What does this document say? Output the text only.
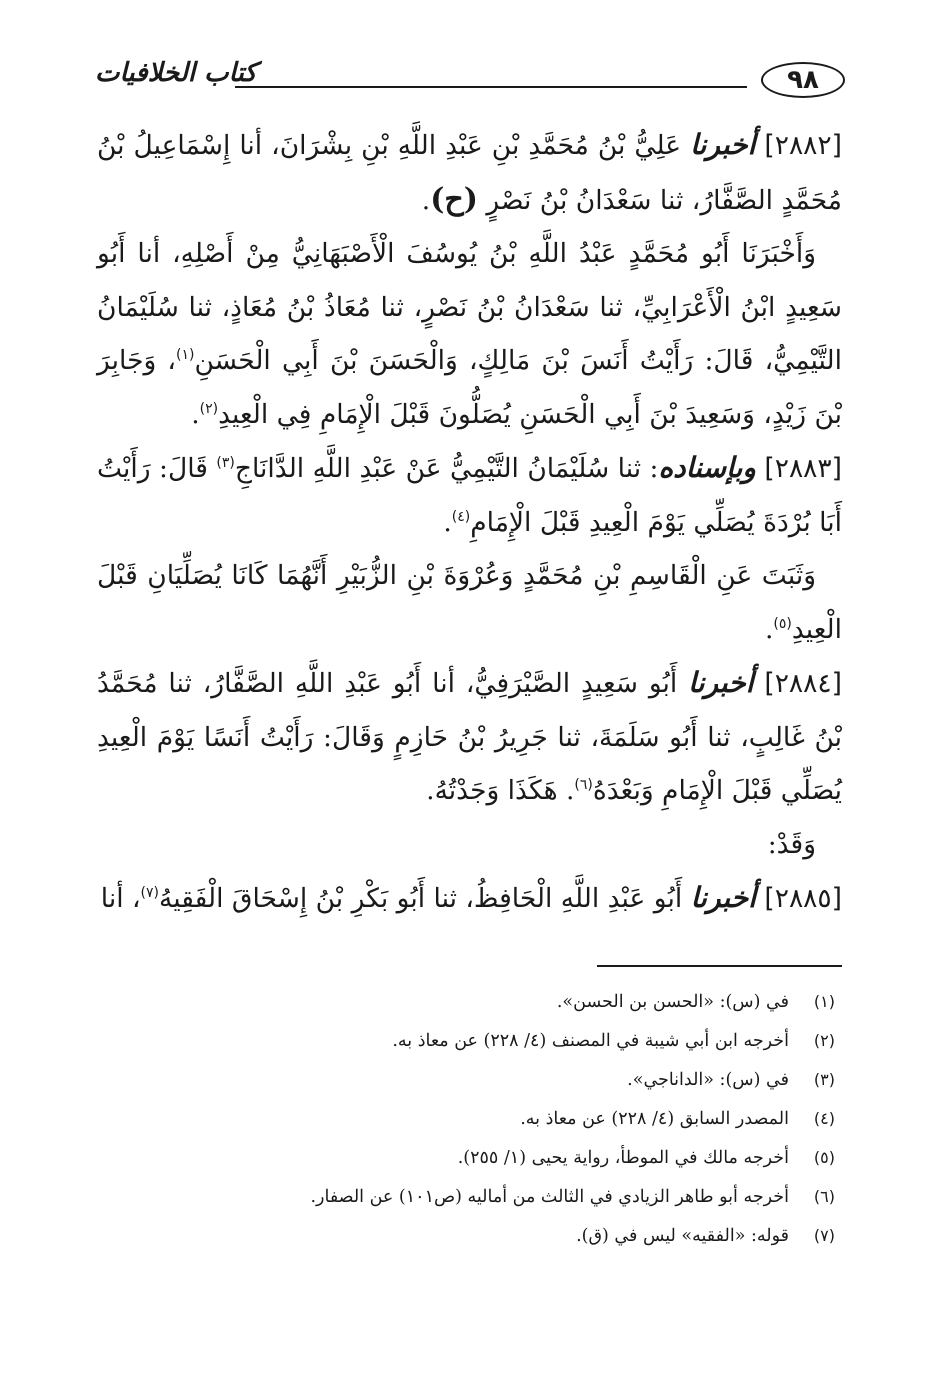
٩٨
كتاب الخلافيات

[٢٨٨٢] أخبرنا عَلِيُّ بْنُ مُحَمَّدِ بْنِ عَبْدِ اللَّهِ بْنِ بِشْرَانَ، أنا إِسْمَاعِيلُ بْنُ مُحَمَّدٍ الصَّفَّارُ، ثنا سَعْدَانُ بْنُ نَصْرٍ (ح).

وَأَخْبَرَنَا أَبُو مُحَمَّدٍ عَبْدُ اللَّهِ بْنُ يُوسُفَ الْأَصْبَهَانِيُّ مِنْ أَصْلِهِ، أنا أَبُو سَعِيدٍ ابْنُ الْأَعْرَابِيِّ، ثنا سَعْدَانُ بْنُ نَصْرٍ، ثنا مُعَاذُ بْنُ مُعَاذٍ، ثنا سُلَيْمَانُ التَّيْمِيُّ، قَالَ: رَأَيْتُ أَنَسَ بْنَ مَالِكٍ، وَالْحَسَنَ بْنَ أَبِي الْحَسَنِ$^{(١)}$، وَجَابِرَ بْنَ زَيْدٍ، وَسَعِيدَ بْنَ أَبِي الْحَسَنِ يُصَلُّونَ قَبْلَ الْإِمَامِ فِي الْعِيدِ$^{(٢)}$.

[٢٨٨٣] وبإسناده: ثنا سُلَيْمَانُ التَّيْمِيُّ عَنْ عَبْدِ اللَّهِ الدَّانَاجِ$^{(٣)}$ قَالَ: رَأَيْتُ أَبَا بُرْدَةَ يُصَلِّي يَوْمَ الْعِيدِ قَبْلَ الْإِمَامِ$^{(٤)}$.

وَثَبَتَ عَنِ الْقَاسِمِ بْنِ مُحَمَّدٍ وَعُرْوَةَ بْنِ الزُّبَيْرِ أَنَّهُمَا كَانَا يُصَلِّيَانِ قَبْلَ الْعِيدِ$^{(٥)}$.

[٢٨٨٤] أخبرنا أَبُو سَعِيدٍ الصَّيْرَفِيُّ، أنا أَبُو عَبْدِ اللَّهِ الصَّفَّارُ، ثنا مُحَمَّدُ بْنُ غَالِبٍ، ثنا أَبُو سَلَمَةَ، ثنا جَرِيرُ بْنُ حَازِمٍ وَقَالَ: رَأَيْتُ أَنَسًا يَوْمَ الْعِيدِ يُصَلِّي قَبْلَ الْإِمَامِ وَبَعْدَهُ$^{(٦)}$. هَكَذَا وَجَدْتُهُ.

وَقَدْ:

[٢٨٨٥] أخبرنا أَبُو عَبْدِ اللَّهِ الْحَافِظُ، ثنا أَبُو بَكْرِ بْنُ إِسْحَاقَ الْفَقِيهُ$^{(٧)}$، أنا

(١)
في (س): «الحسن بن الحسن».
(٢)
أخرجه ابن أبي شيبة في المصنف (٤/ ٢٢٨) عن معاذ به.
(٣)
في (س): «الداناجي».
(٤)
المصدر السابق (٤/ ٢٢٨) عن معاذ به.
(٥)
أخرجه مالك في الموطأ، رواية يحيى (١/ ٢٥٥).
(٦)
أخرجه أبو طاهر الزيادي في الثالث من أماليه (ص١٠١) عن الصفار.
(٧)
قوله: «الفقيه» ليس في (ق).
